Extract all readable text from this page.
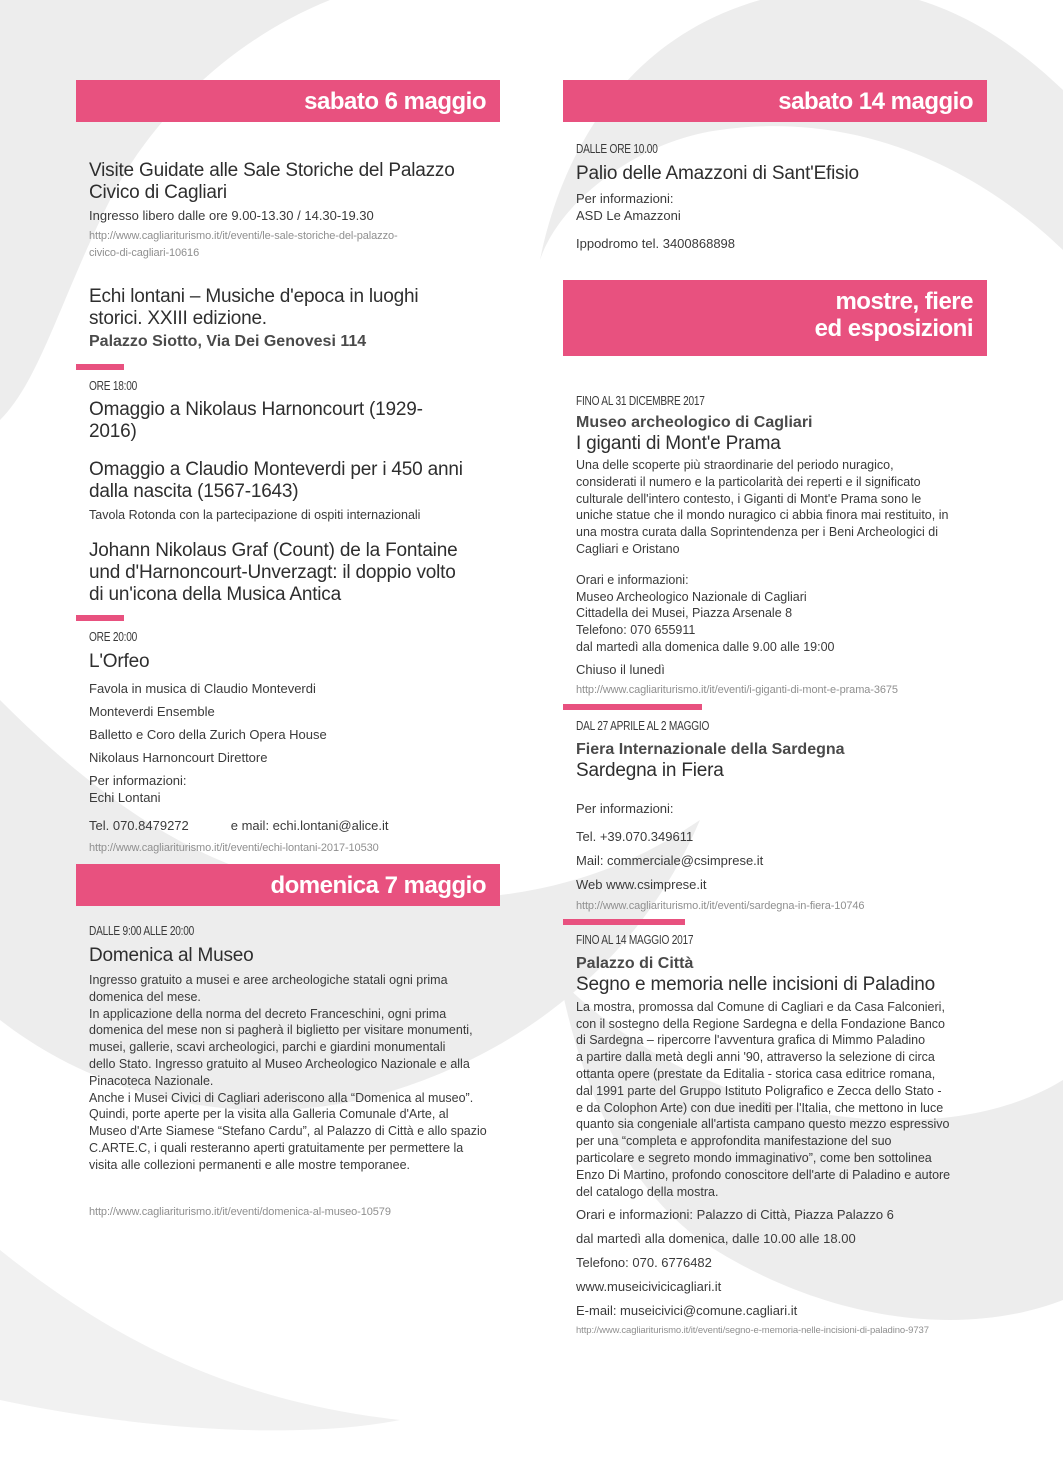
sabato 6 maggio
Visite Guidate alle Sale Storiche del Palazzo Civico di Cagliari
Ingresso libero dalle ore 9.00-13.30 / 14.30-19.30
http://www.cagliariturismo.it/it/eventi/le-sale-storiche-del-palazzo-
civico-di-cagliari-10616
Echi lontani – Musiche d'epoca in luoghi
storici. XXIII edizione.
Palazzo Siotto, Via Dei Genovesi 114
ORE 18:00
Omaggio a Nikolaus Harnoncourt (1929-
2016)
Omaggio a Claudio Monteverdi per i 450 anni
dalla nascita (1567-1643)
Tavola Rotonda con la partecipazione di ospiti internazionali
Johann Nikolaus Graf (Count) de la Fontaine
und d'Harnoncourt-Unverzagt: il doppio volto
di un'icona della Musica Antica
ORE 20:00
L'Orfeo
Favola in musica di Claudio Monteverdi
Monteverdi Ensemble
Balletto e Coro della Zurich Opera House
Nikolaus Harnoncourt Direttore
Per informazioni:
Echi Lontani
Tel. 070.8479272	e mail: echi.lontani@alice.it
http://www.cagliariturismo.it/it/eventi/echi-lontani-2017-10530
domenica 7 maggio
DALLE 9:00 ALLE 20:00
Domenica al Museo
Ingresso gratuito a musei e aree archeologiche statali ogni prima
domenica del mese.
In applicazione della norma del decreto Franceschini, ogni prima
domenica del mese non si pagherà il biglietto per visitare monumenti,
musei, gallerie, scavi archeologici, parchi e giardini monumentali
dello Stato. Ingresso gratuito al Museo Archeologico Nazionale e alla
Pinacoteca Nazionale.
Anche i Musei Civici di Cagliari aderiscono alla “Domenica al museo”.
Quindi, porte aperte per la visita alla Galleria Comunale d'Arte, al
Museo d'Arte Siamese “Stefano Cardu”, al Palazzo di Città e allo spazio
C.ARTE.C, i quali resteranno aperti gratuitamente per permettere la
visita alle collezioni permanenti e alle mostre temporanee.
http://www.cagliariturismo.it/it/eventi/domenica-al-museo-10579
sabato 14 maggio
DALLE ORE 10.00
Palio delle Amazzoni di Sant'Efisio
Per informazioni:
ASD Le Amazzoni
Ippodromo tel. 3400868898
mostre, fiere
ed esposizioni
FINO AL 31 DICEMBRE 2017
Museo archeologico di Cagliari
I giganti di Mont'e Prama
Una delle scoperte più straordinarie del periodo nuragico,
considerati il numero e la particolarità dei reperti e il significato
culturale dell'intero contesto, i Giganti di Mont'e Prama sono le
uniche statue che il mondo nuragico ci abbia finora mai restituito, in
una mostra curata dalla Soprintendenza per i Beni Archeologici di
Cagliari e Oristano
Orari e informazioni:
Museo Archeologico Nazionale di Cagliari
Cittadella dei Musei, Piazza Arsenale 8
Telefono: 070 655911
dal martedì alla domenica dalle 9.00 alle 19:00
Chiuso il lunedì
http://www.cagliariturismo.it/it/eventi/i-giganti-di-mont-e-prama-3675
DAL 27 APRILE AL 2 MAGGIO
Fiera Internazionale della Sardegna
Sardegna in Fiera
Per informazioni:
Tel. +39.070.349611
Mail: commerciale@csimprese.it
Web www.csimprese.it
http://www.cagliariturismo.it/it/eventi/sardegna-in-fiera-10746
FINO AL 14 MAGGIO 2017
Palazzo di Città
Segno e memoria nelle incisioni di Paladino
La mostra, promossa dal Comune di Cagliari e da Casa Falconieri,
con il sostegno della Regione Sardegna e della Fondazione Banco
di Sardegna – ripercorre l'avventura grafica di Mimmo Paladino
a partire dalla metà degli anni '90, attraverso la selezione di circa
ottanta opere (prestate da Editalia - storica casa editrice romana,
dal 1991 parte del Gruppo Istituto Poligrafico e Zecca dello Stato -
e da Colophon Arte) con due inediti per l'Italia, che mettono in luce
quanto sia congeniale all'artista campano questo mezzo espressivo
per una “completa e approfondita manifestazione del suo
particolare e segreto mondo immaginativo”, come ben sottolinea
Enzo Di Martino, profondo conoscitore dell'arte di Paladino e autore
del catalogo della mostra.
Orari e informazioni: Palazzo di Città, Piazza Palazzo 6
dal martedì alla domenica, dalle 10.00 alle 18.00
Telefono: 070. 6776482
www.museicivicicagliari.it
E-mail: museicivici@comune.cagliari.it
http://www.cagliariturismo.it/it/eventi/segno-e-memoria-nelle-incisioni-di-paladino-9737
